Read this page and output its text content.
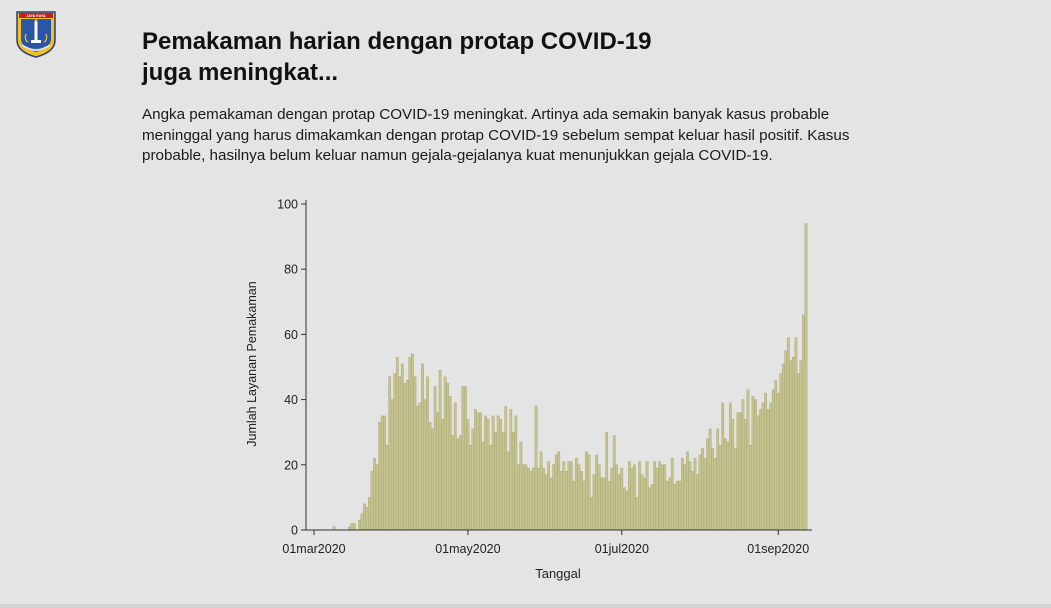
JAYA RAYA
Pemakaman harian dengan protap COVID-19
juga meningkat...

Angka pemakaman dengan protap COVID-19 meningkat. Artinya ada semakin banyak kasus probable meninggal yang harus dimakamkan dengan protap COVID-19 sebelum sempat keluar hasil positif. Kasus probable, hasilnya belum keluar namun gejala-gejalanya kuat menunjukkan gejala COVID-19.

0
20
40
60
80
100
01mar2020	01may2020	01jul2020	01sep2020
Jumlah Layanan Pemakaman
Tanggal
